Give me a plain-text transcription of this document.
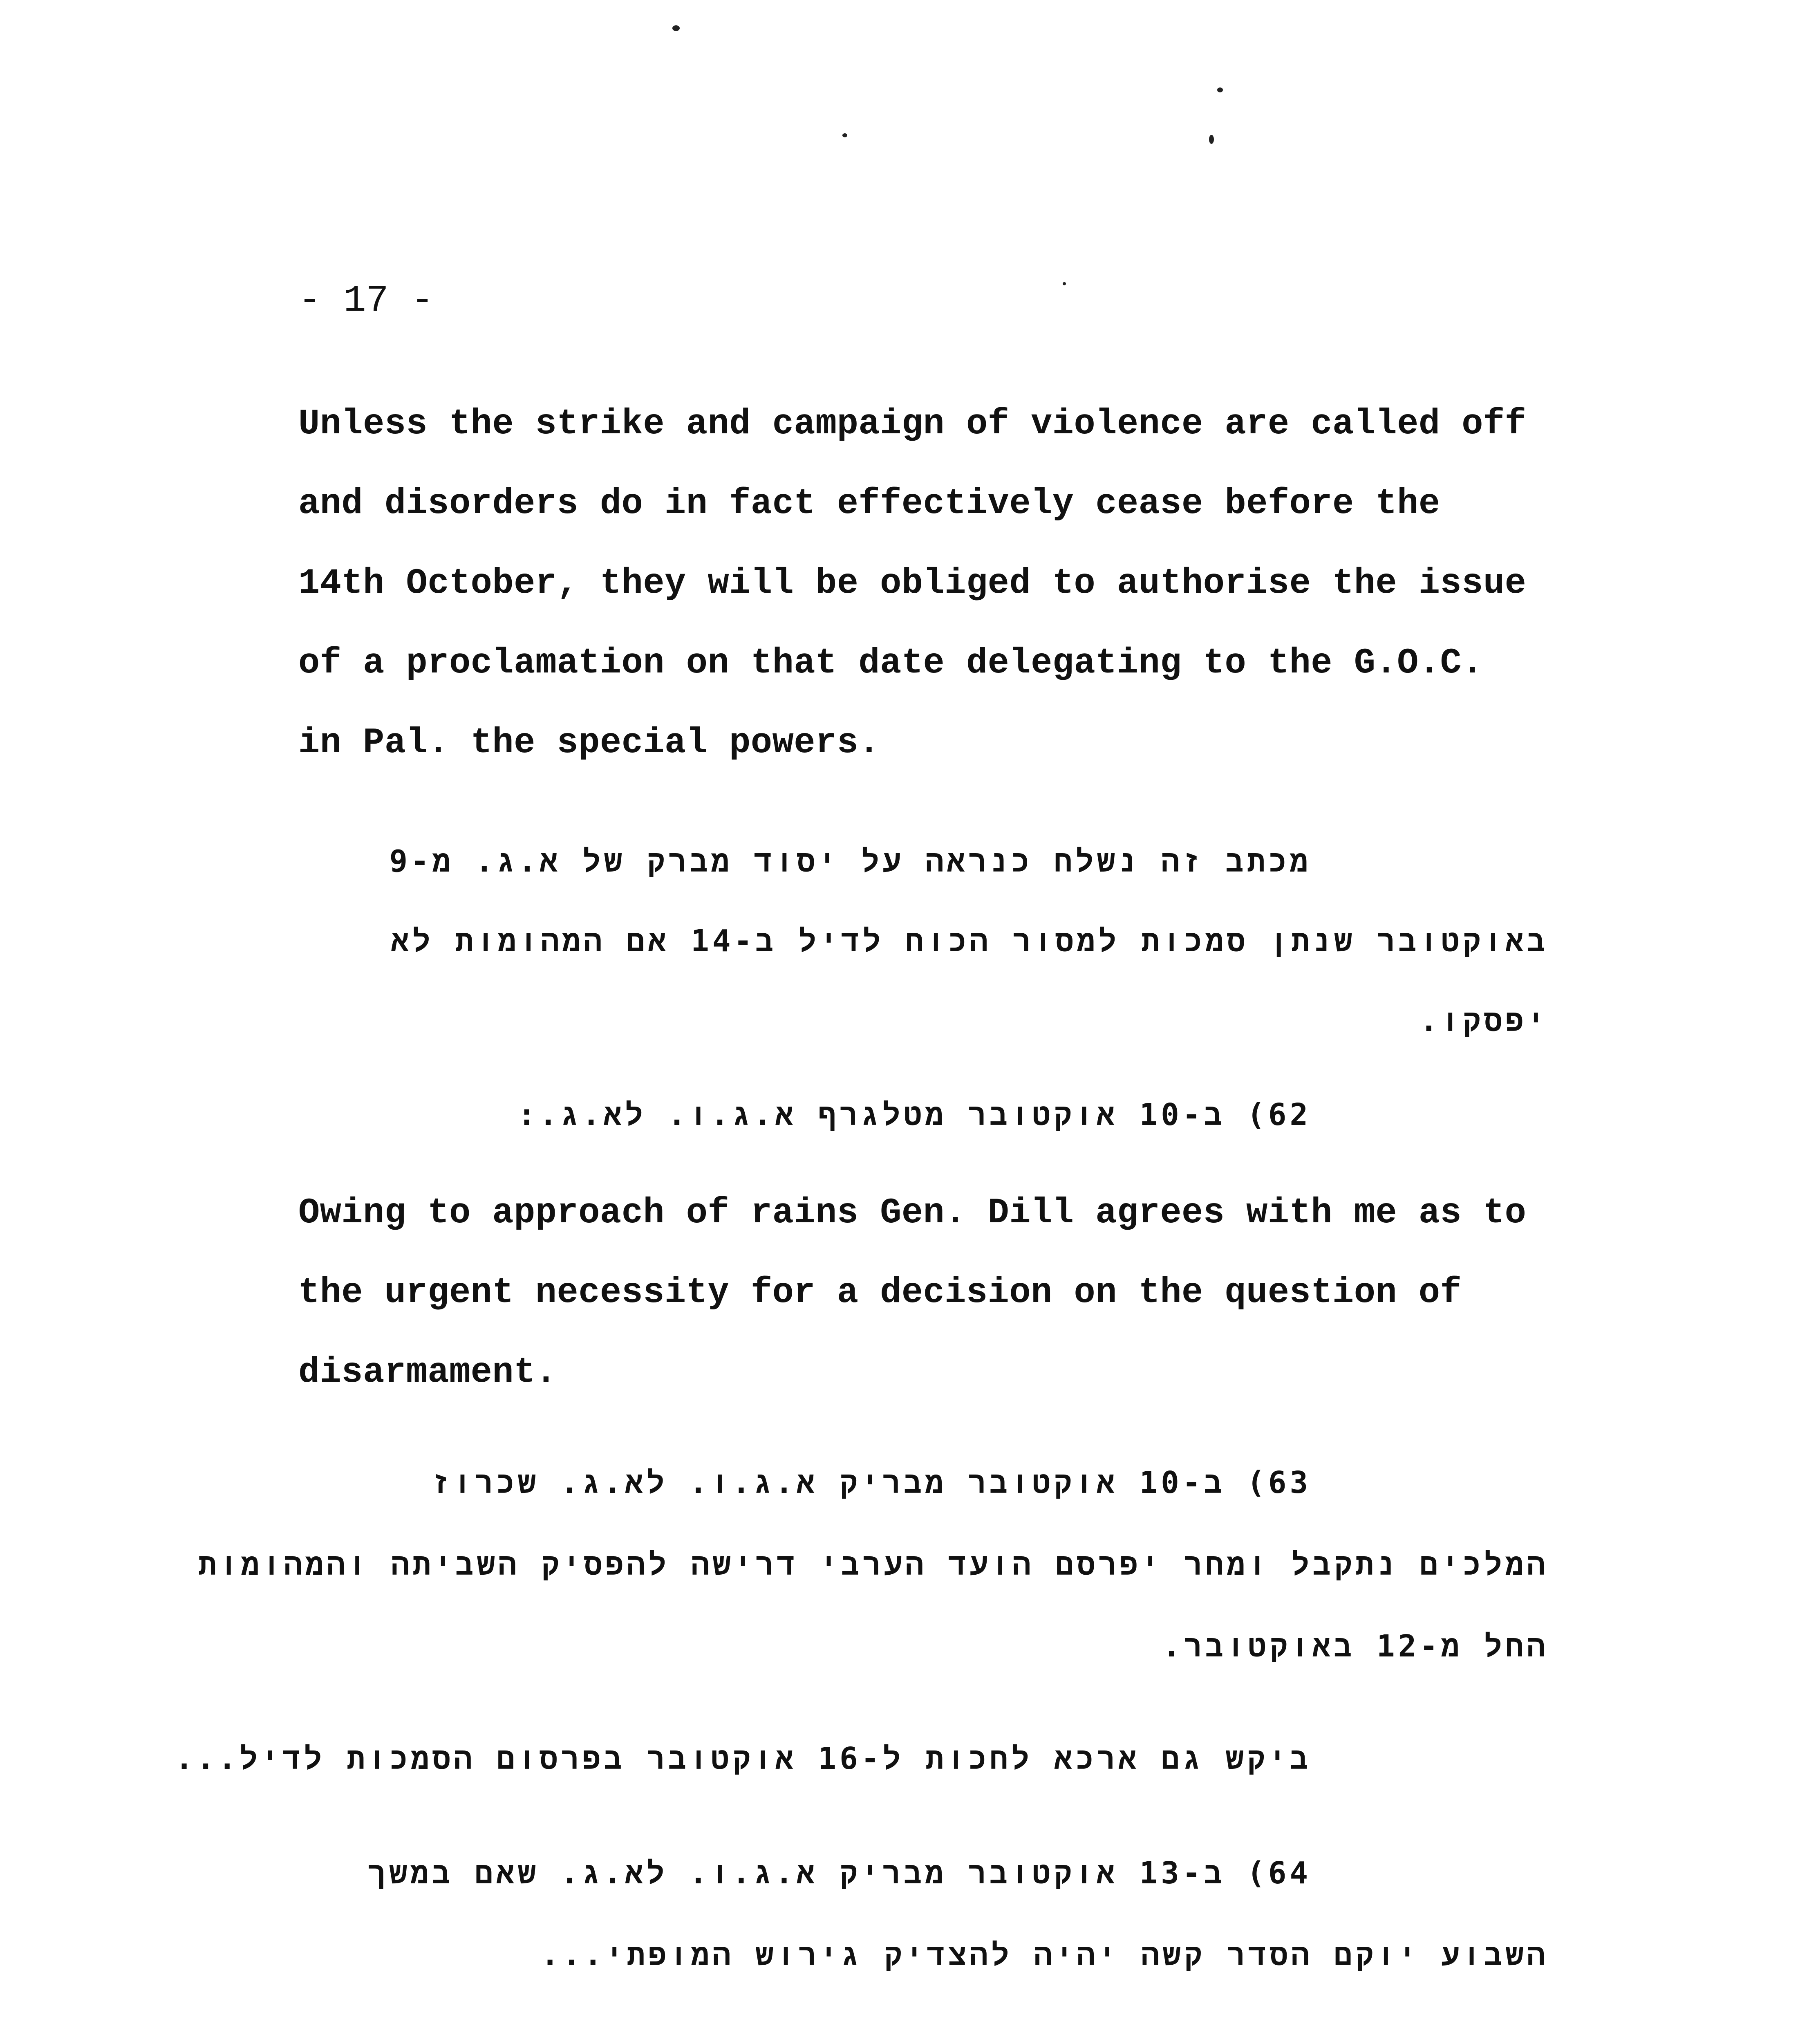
- 17 -
Unless the strike and campaign of violence are called off
and disorders do in fact effectively cease before the
14th October, they will be obliged to authorise the issue
of a proclamation on that date delegating to the G.O.C.
in Pal. the special powers.
מכתב זה נשלח כנראה על יסוד מברק של א.ג. מ-9
באוקטובר שנתן סמכות למסור הכוח לדיל ב-14 אם המהומות לא
יפסקו.
62) ב-10 אוקטובר מטלגרף א.ג.ו. לא.ג.:
Owing to approach of rains Gen. Dill agrees with me as to
the urgent necessity for a decision on the question of
disarmament.
63) ב-10 אוקטובר מבריק א.ג.ו. לא.ג. שכרוז
המלכים נתקבל ומחר יפרסם הועד הערבי דרישה להפסיק השביתה והמהומות
החל מ-12 באוקטובר.
ביקש גם ארכא לחכות ל-16 אוקטובר בפרסום הסמכות לדיל...
64) ב-13 אוקטובר מבריק א.ג.ו. לא.ג. שאם במשך
השבוע יוקם הסדר קשה יהיה להצדיק גירוש המופתי...
